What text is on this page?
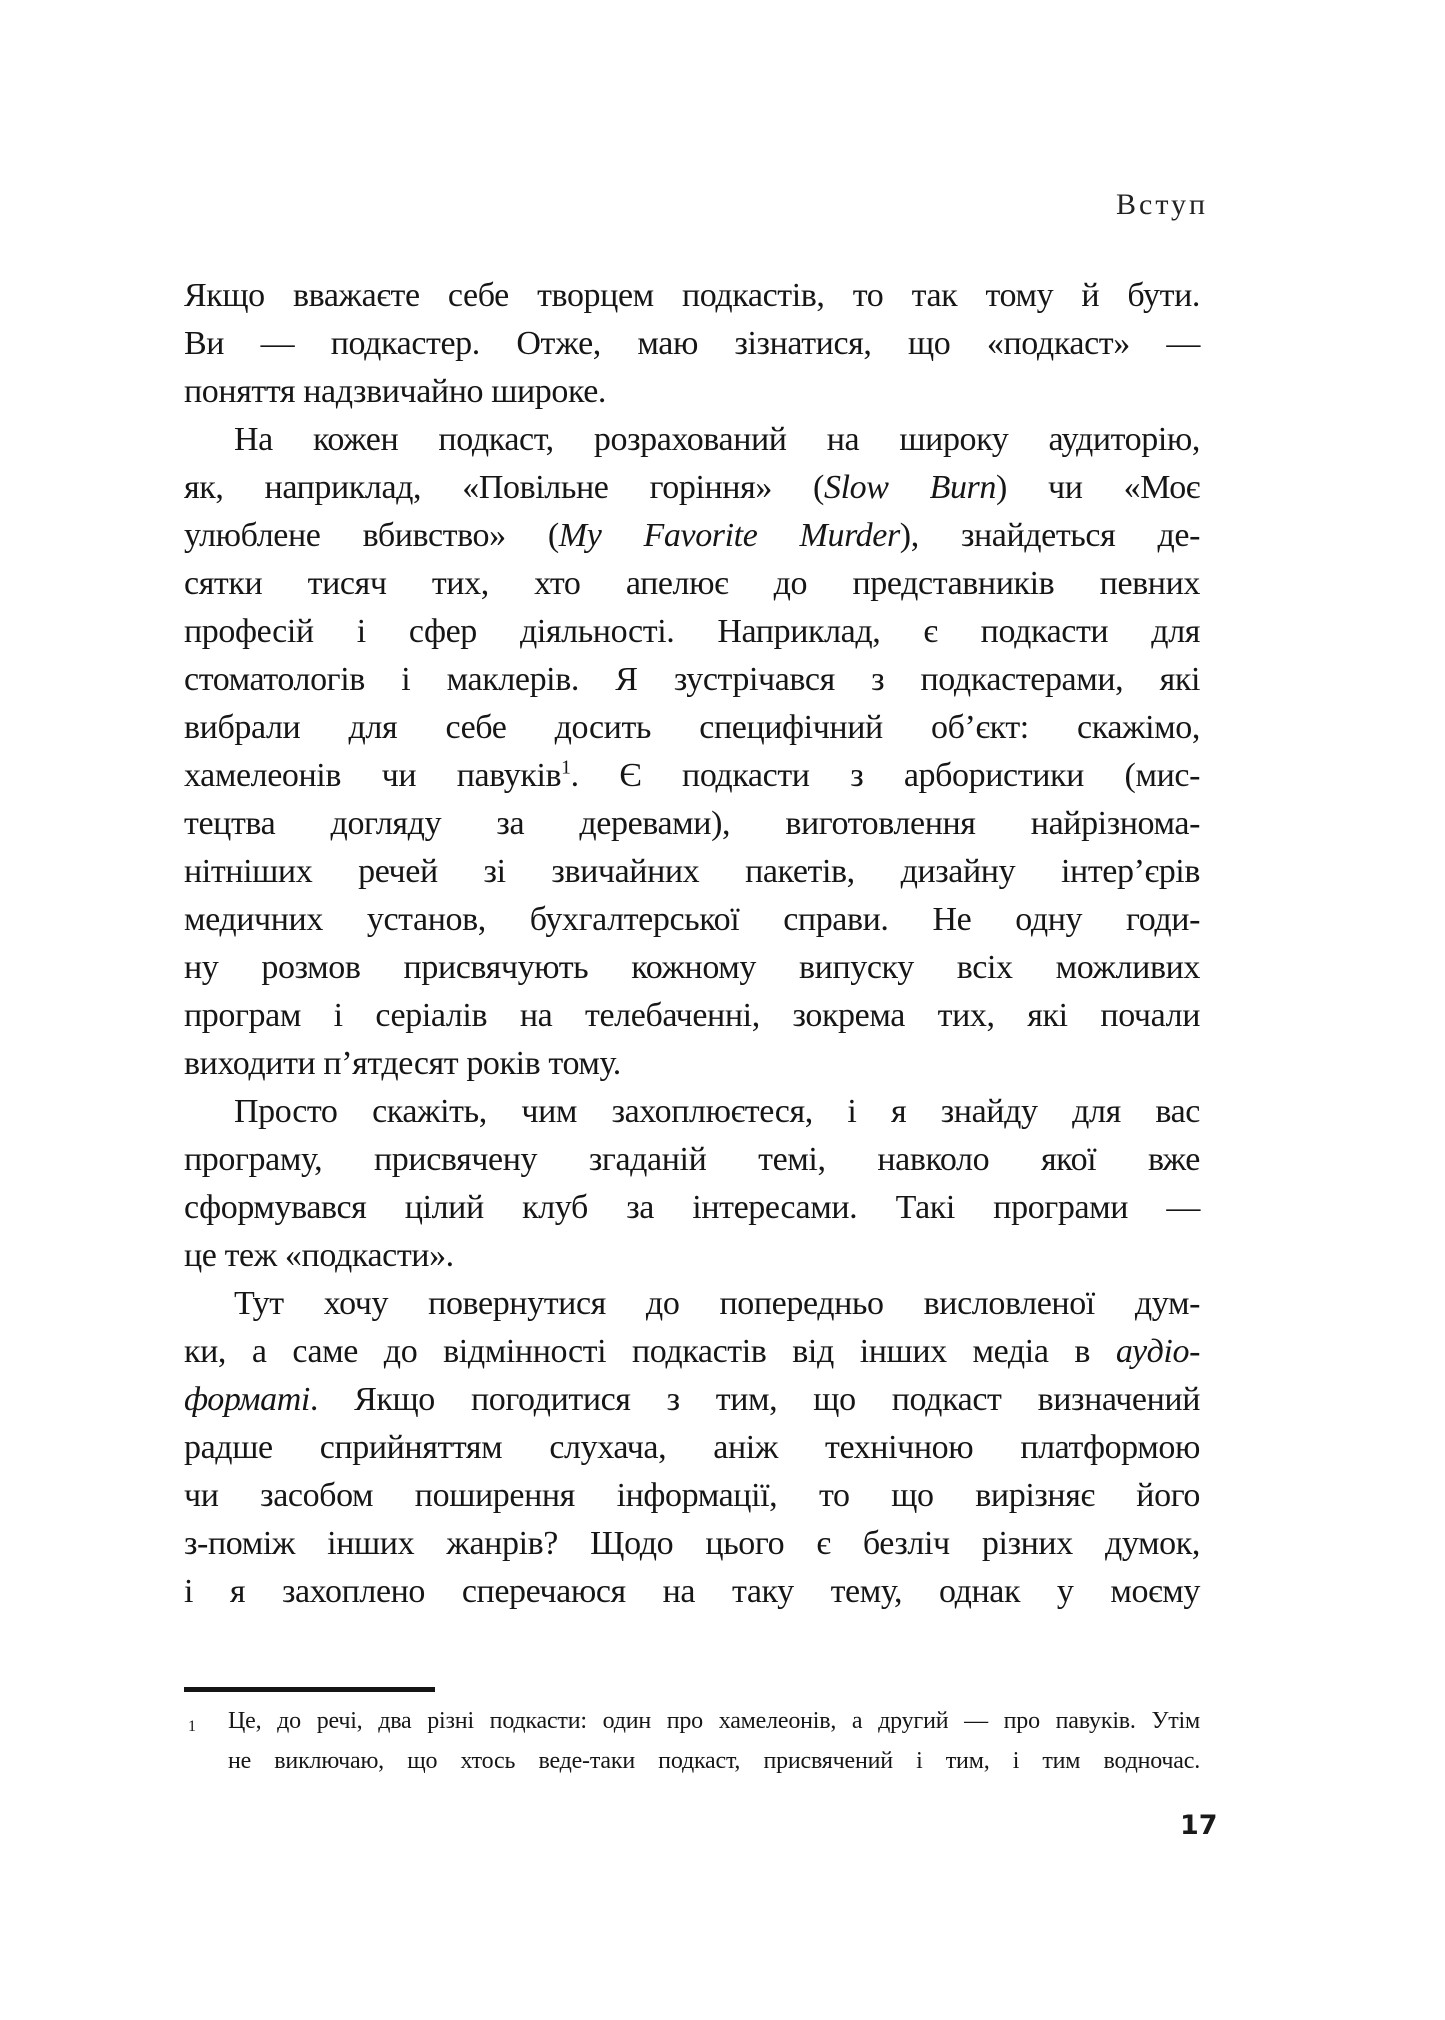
Вступ
Якщо вважаєте себе творцем подкастів, то так тому й бути.
Ви — подкастер. Отже, маю зізнатися, що «подкаст» —
поняття надзвичайно широке.
На кожен подкаст, розрахований на широку аудиторію,
як, наприклад, «Повільне горіння» (Slow Burn) чи «Моє
улюблене вбивство» (My Favorite Murder), знайдеться де-
сятки тисяч тих, хто апелює до представників певних
професій і сфер діяльності. Наприклад, є подкасти для
стоматологів і маклерів. Я зустрічався з подкастерами, які
вибрали для себе досить специфічний об’єкт: скажімо,
хамелеонів чи павуків$^1$. Є подкасти з арбористики (мис-
тецтва догляду за деревами), виготовлення найрізнома-
нітніших речей зі звичайних пакетів, дизайну інтер’єрів
медичних установ, бухгалтерської справи. Не одну годи-
ну розмов присвячують кожному випуску всіх можливих
програм і серіалів на телебаченні, зокрема тих, які почали
виходити п’ятдесят років тому.
Просто скажіть, чим захоплюєтеся, і я знайду для вас
програму, присвячену згаданій темі, навколо якої вже
сформувався цілий клуб за інтересами. Такі програми —
це теж «подкасти».
Тут хочу повернутися до попередньо висловленої дум-
ки, а саме до відмінності подкастів від інших медіа в аудіо-
форматі. Якщо погодитися з тим, що подкаст визначений
радше сприйняттям слухача, аніж технічною платформою
чи засобом поширення інформації, то що вирізняє його
з-поміж інших жанрів? Щодо цього є безліч різних думок,
і я захоплено сперечаюся на таку тему, однак у моєму
1	Це, до речі, два різні подкасти: один про хамелеонів, а другий — про павуків. Утім
не виключаю, що хтось веде-таки подкаст, присвячений і тим, і тим водночас.
17
